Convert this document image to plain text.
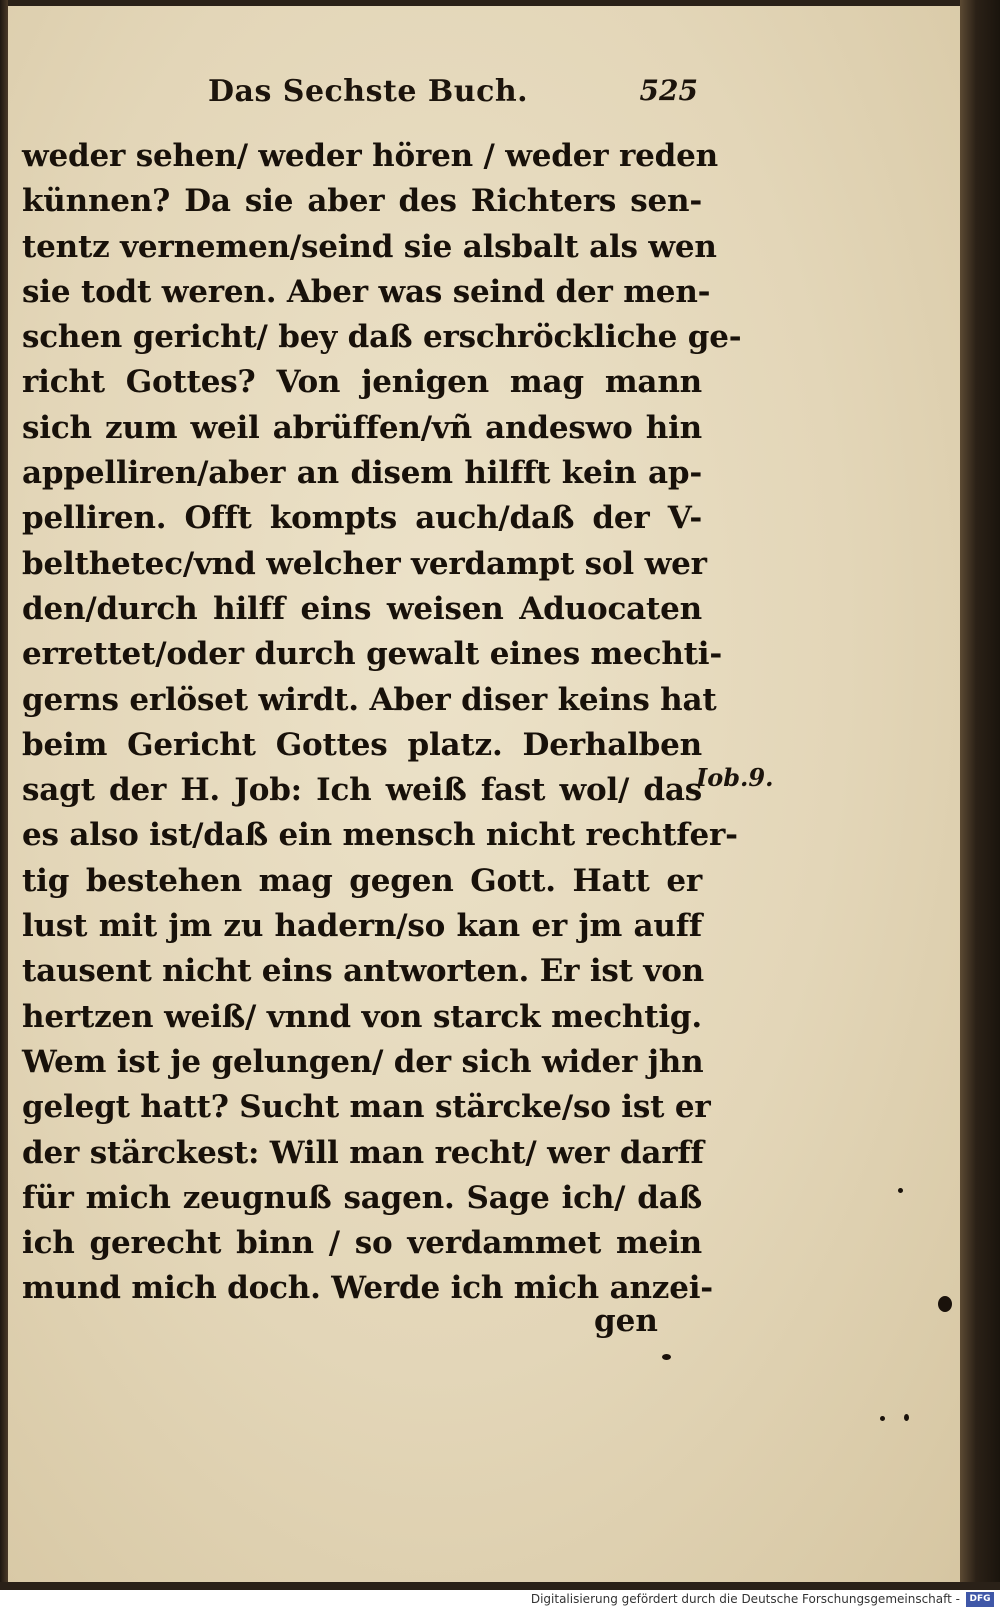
Das Sechste Buch.	525
weder sehen/ weder hören / weder reden
künnen? Da sie aber des Richters sen-
tentz vernemen/seind sie alsbalt als wen
sie todt weren. Aber was seind der men-
schen gericht/ bey daß erschröckliche ge-
richt Gottes? Von jenigen mag mann
sich zum weil abrüffen/vñ andeswo hin
appelliren/aber an disem hilfft kein ap-
pelliren. Offt kompts auch/daß der V-
belthetec/vnd welcher verdampt sol wer
den/durch hilff eins weisen Aduocaten
errettet/oder durch gewalt eines mechti-
gerns erlöset wirdt. Aber diser keins hat
beim Gericht Gottes platz. Derhalben
sagt der H. Job: Ich weiß fast wol/ das
es also ist/daß ein mensch nicht rechtfer-
tig bestehen mag gegen Gott. Hatt er
lust mit jm zu hadern/so kan er jm auff
tausent nicht eins antworten. Er ist von
hertzen weiß/ vnnd von starck mechtig.
Wem ist je gelungen/ der sich wider jhn
gelegt hatt? Sucht man stärcke/so ist er
der stärckest: Will man recht/ wer darff
für mich zeugnuß sagen. Sage ich/ daß
ich gerecht binn / so verdammet mein
mund mich doch. Werde ich mich anzei-
gen
Iob.9.
Digitalisierung gefördert durch die Deutsche Forschungsgemeinschaft -	DFG
